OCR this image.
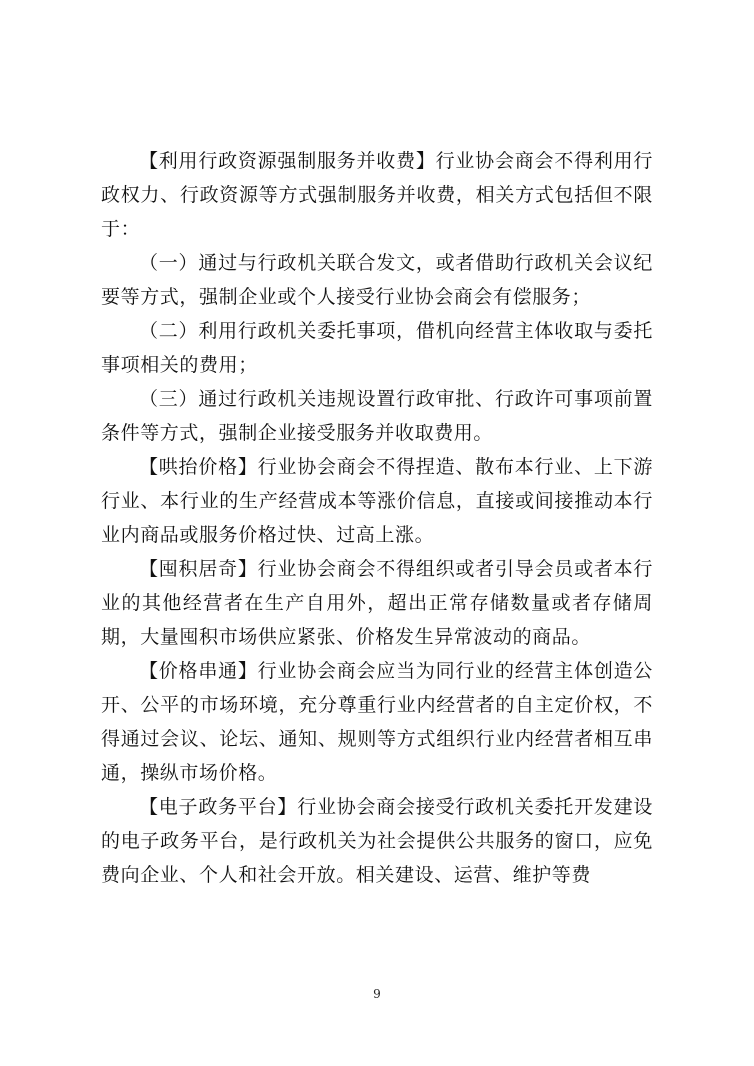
【利用行政资源强制服务并收费】行业协会商会不得利用行政权力、行政资源等方式强制服务并收费，相关方式包括但不限于：

（一）通过与行政机关联合发文，或者借助行政机关会议纪要等方式，强制企业或个人接受行业协会商会有偿服务；

（二）利用行政机关委托事项，借机向经营主体收取与委托事项相关的费用；

（三）通过行政机关违规设置行政审批、行政许可事项前置条件等方式，强制企业接受服务并收取费用。

【哄抬价格】行业协会商会不得捏造、散布本行业、上下游行业、本行业的生产经营成本等涨价信息，直接或间接推动本行业内商品或服务价格过快、过高上涨。

【囤积居奇】行业协会商会不得组织或者引导会员或者本行业的其他经营者在生产自用外，超出正常存储数量或者存储周期，大量囤积市场供应紧张、价格发生异常波动的商品。

【价格串通】行业协会商会应当为同行业的经营主体创造公开、公平的市场环境，充分尊重行业内经营者的自主定价权，不得通过会议、论坛、通知、规则等方式组织行业内经营者相互串通，操纵市场价格。

【电子政务平台】行业协会商会接受行政机关委托开发建设的电子政务平台，是行政机关为社会提供公共服务的窗口，应免费向企业、个人和社会开放。相关建设、运营、维护等费

9
